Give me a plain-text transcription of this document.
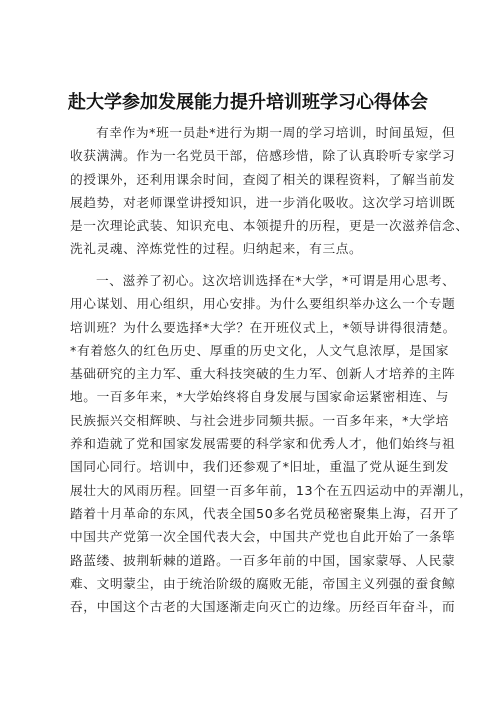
赴大学参加发展能力提升培训班学习心得体会
有幸作为*班一员赴*进行为期一周的学习培训，时间虽短，但
收获满满。作为一名党员干部，倍感珍惜，除了认真聆听专家学习
的授课外，还利用课余时间，查阅了相关的课程资料，了解当前发
展趋势，对老师课堂讲授知识，进一步消化吸收。这次学习培训既
是一次理论武装、知识充电、本领提升的历程，更是一次滋养信念、
洗礼灵魂、淬炼党性的过程。归纳起来，有三点。
一、滋养了初心。这次培训选择在*大学，*可谓是用心思考、
用心谋划、用心组织，用心安排。为什么要组织举办这么一个专题
培训班？为什么要选择*大学？在开班仪式上，*领导讲得很清楚。
*有着悠久的红色历史、厚重的历史文化，人文气息浓厚，是国家
基础研究的主力军、重大科技突破的生力军、创新人才培养的主阵
地。一百多年来，*大学始终将自身发展与国家命运紧密相连、与
民族振兴交相辉映、与社会进步同频共振。一百多年来，*大学培
养和造就了党和国家发展需要的科学家和优秀人才，他们始终与祖
国同心同行。培训中，我们还参观了*旧址，重温了党从诞生到发
展壮大的风雨历程。回望一百多年前，13个在五四运动中的弄潮儿，
踏着十月革命的东风，代表全国50多名党员秘密聚集上海，召开了
中国共产党第一次全国代表大会，中国共产党也自此开始了一条筚
路蓝缕、披荆斩棘的道路。一百多年前的中国，国家蒙辱、人民蒙
难、文明蒙尘，由于统治阶级的腐败无能，帝国主义列强的蚕食鲸
吞，中国这个古老的大国逐渐走向灭亡的边缘。历经百年奋斗，而
